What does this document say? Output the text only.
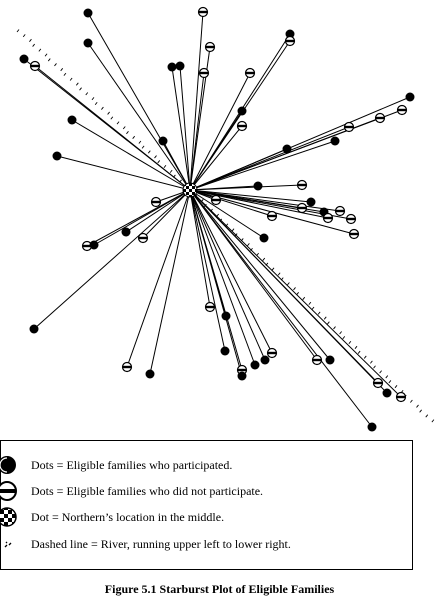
Dots = Eligible families who participated.
Dots = Eligible families who did not participate.
Dot = Northern’s location in the middle.
Dashed line = River, running upper left to lower right.
Figure 5.1 Starburst Plot of Eligible Families
